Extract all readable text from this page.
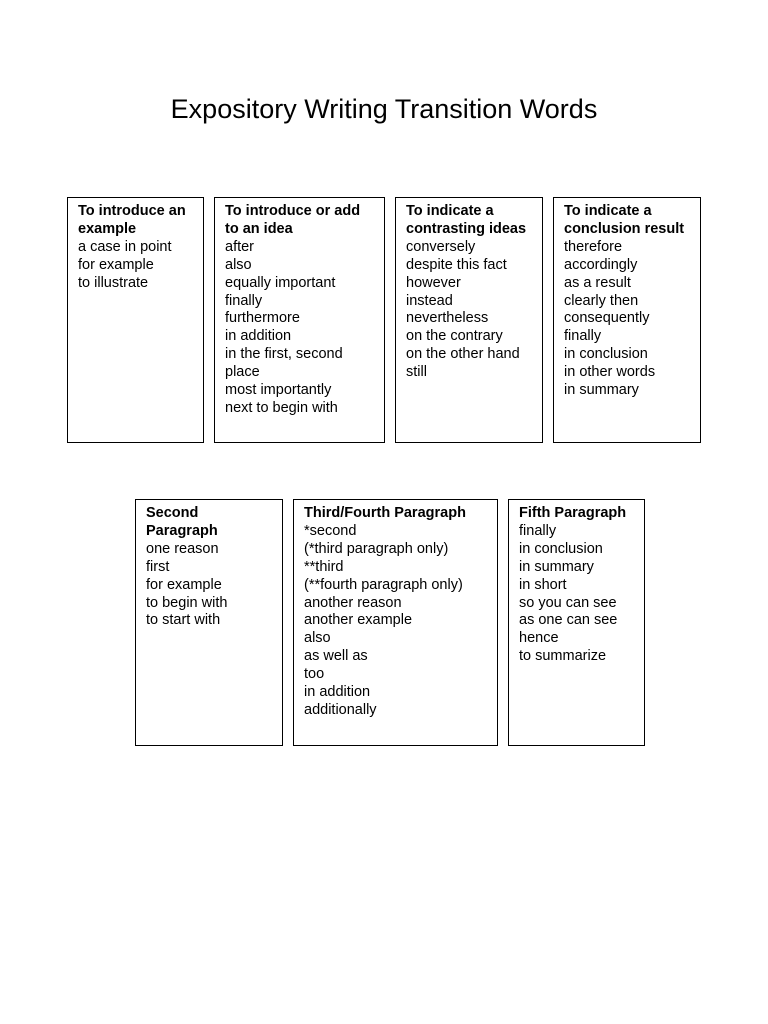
Expository Writing Transition Words

To introduce an example

a case in point
for example
to illustrate

To introduce or add to an idea

after
also
equally important
finally
furthermore
in addition
in the first, second place
most importantly
next to begin with

To indicate a contrasting ideas

conversely
despite this fact
however
instead
nevertheless
on the contrary
on the other hand
still

To indicate a conclusion result

therefore
accordingly
as a result
clearly then
consequently
finally
in conclusion
in other words
in summary

Second Paragraph

one reason
first
for example
to begin with
to start with

Third/Fourth Paragraph

*second
(*third paragraph only)
**third
(**fourth paragraph only)
another reason
another example
also
as well as
too
in addition
additionally

Fifth Paragraph

finally
in conclusion
in summary
in short
so you can see
as one can see
hence
to summarize
